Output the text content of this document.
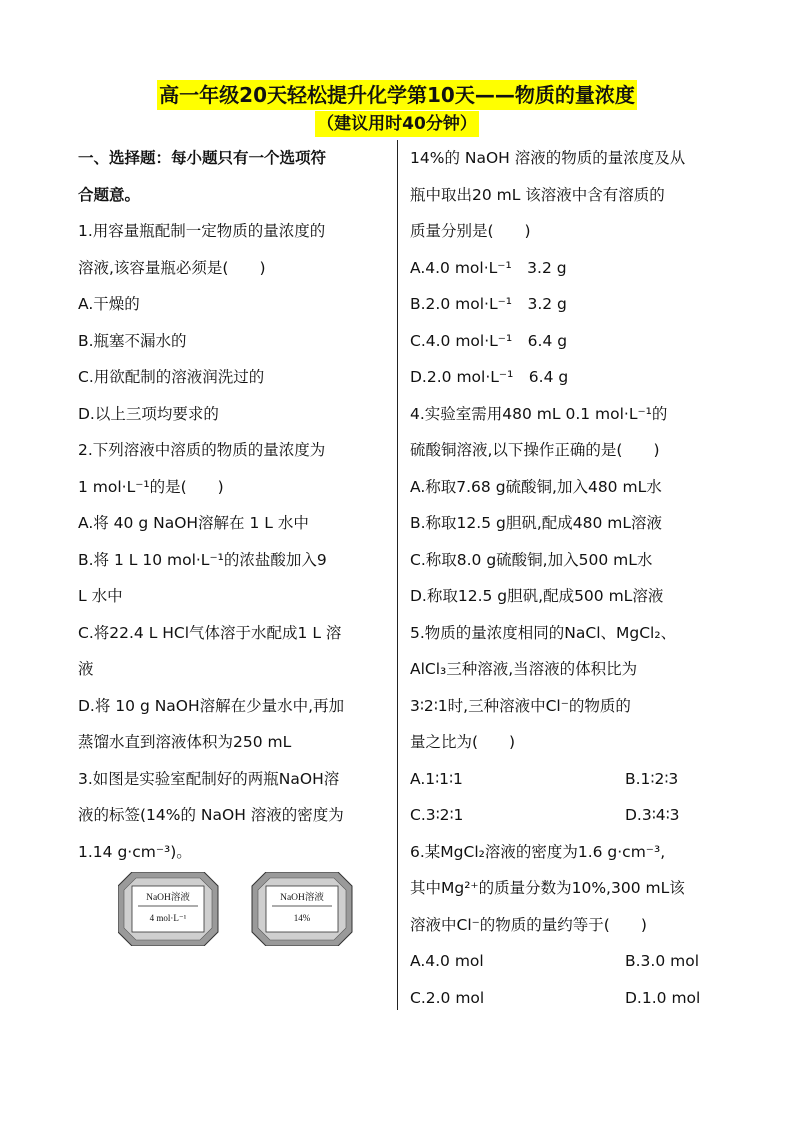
高一年级20天轻松提升化学第10天——物质的量浓度
（建议用时40分钟）
一、选择题：每小题只有一个选项符
合题意。
1.用容量瓶配制一定物质的量浓度的
溶液,该容量瓶必须是(　　)
A.干燥的
B.瓶塞不漏水的
C.用欲配制的溶液润洗过的
D.以上三项均要求的
2.下列溶液中溶质的物质的量浓度为
1 mol·L⁻¹的是(　　)
A.将 40 g NaOH溶解在 1 L 水中
B.将 1 L 10 mol·L⁻¹的浓盐酸加入9
L 水中
C.将22.4 L HCl气体溶于水配成1 L 溶
液
D.将 10 g NaOH溶解在少量水中,再加
蒸馏水直到溶液体积为250 mL
3.如图是实验室配制好的两瓶NaOH溶
液的标签(14%的 NaOH 溶液的密度为
1.14 g·cm⁻³)。
NaOH溶液
4 mol·L⁻¹
NaOH溶液
14%
14%的 NaOH 溶液的物质的量浓度及从
瓶中取出20 mL 该溶液中含有溶质的
质量分别是(　　)
A.4.0 mol·L⁻¹　3.2 g
B.2.0 mol·L⁻¹　3.2 g
C.4.0 mol·L⁻¹　6.4 g
D.2.0 mol·L⁻¹　6.4 g
4.实验室需用480 mL 0.1 mol·L⁻¹的
硫酸铜溶液,以下操作正确的是(　　)
A.称取7.68 g硫酸铜,加入480 mL水
B.称取12.5 g胆矾,配成480 mL溶液
C.称取8.0 g硫酸铜,加入500 mL水
D.称取12.5 g胆矾,配成500 mL溶液
5.物质的量浓度相同的NaCl、MgCl₂、
AlCl₃三种溶液,当溶液的体积比为
3∶2∶1时,三种溶液中Cl⁻的物质的
量之比为(　　)
A.1∶1∶1	B.1∶2∶3
C.3∶2∶1	D.3∶4∶3
6.某MgCl₂溶液的密度为1.6 g·cm⁻³,
其中Mg²⁺的质量分数为10%,300 mL该
溶液中Cl⁻的物质的量约等于(　　)
A.4.0 mol	B.3.0 mol
C.2.0 mol	D.1.0 mol
